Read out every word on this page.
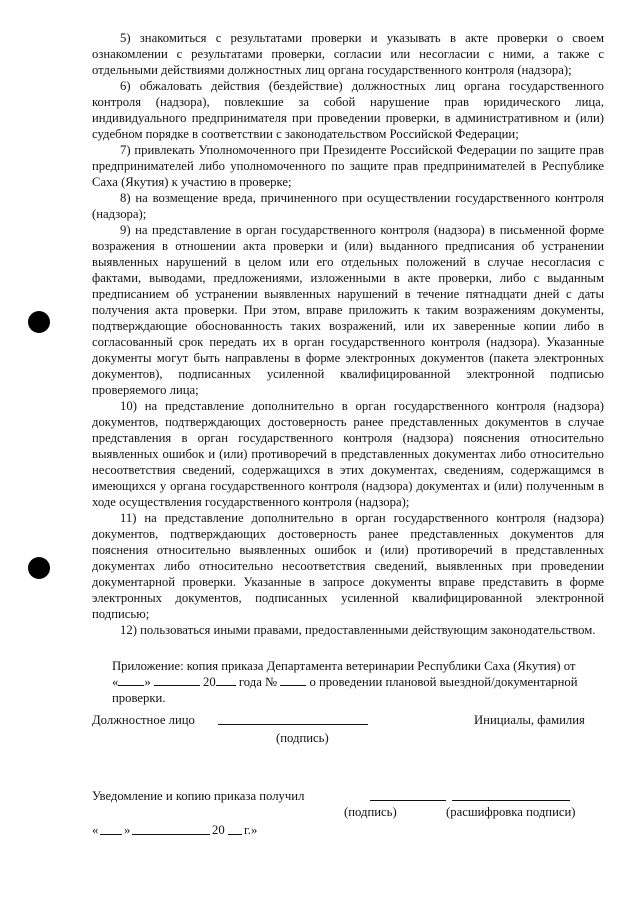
5) знакомиться с результатами проверки и указывать в акте проверки о своем ознакомлении с результатами проверки, согласии или несогласии с ними, а также с отдельными действиями должностных лиц органа государственного контроля (надзора);

6) обжаловать действия (бездействие) должностных лиц органа государственного контроля (надзора), повлекшие за собой нарушение прав юридического лица, индивидуального предпринимателя при проведении проверки, в административном и (или) судебном порядке в соответствии с законодательством Российской Федерации;

7) привлекать Уполномоченного при Президенте Российской Федерации по защите прав предпринимателей либо уполномоченного по защите прав предпринимателей в Республике Саха (Якутия) к участию в проверке;

8) на возмещение вреда, причиненного при осуществлении государственного контроля (надзора);

9) на представление в орган государственного контроля (надзора) в письменной форме возражения в отношении акта проверки и (или) выданного предписания об устранении выявленных нарушений в целом или его отдельных положений в случае несогласия с фактами, выводами, предложениями, изложенными в акте проверки, либо с выданным предписанием об устранении выявленных нарушений в течение пятнадцати дней с даты получения акта проверки. При этом, вправе приложить к таким возражениям документы, подтверждающие обоснованность таких возражений, или их заверенные копии либо в согласованный срок передать их в орган государственного контроля (надзора). Указанные документы могут быть направлены в форме электронных документов (пакета электронных документов), подписанных усиленной квалифицированной электронной подписью проверяемого лица;

10) на представление дополнительно в орган государственного контроля (надзора) документов, подтверждающих достоверность ранее представленных документов в случае представления в орган государственного контроля (надзора) пояснения относительно выявленных ошибок и (или) противоречий в представленных документах либо относительно несоответствия сведений, содержащихся в этих документах, сведениям, содержащимся в имеющихся у органа государственного контроля (надзора) документах и (или) полученным в ходе осуществления государственного контроля (надзора);

11) на представление дополнительно в орган государственного контроля (надзора) документов, подтверждающих достоверность ранее представленных документов для пояснения относительно выявленных ошибок и (или) противоречий в представленных документах либо относительно несоответствия сведений, выявленных при проведении документарной проверки. Указанные в запросе документы вправе представить в форме электронных документов, подписанных усиленной квалифицированной электронной подписью;

12) пользоваться иными правами, предоставленными действующим законодательством.

Приложение: копия приказа Департамента ветеринарии Республики Саха (Якутия) от
« »	20 года №	о проведении плановой выездной/документарной
проверки.
Должностное лицо	Инициалы, фамилия
(подпись)
Уведомление и копию приказа получил
(подпись)	(расшифровка подписи)
« »	20 г.»
